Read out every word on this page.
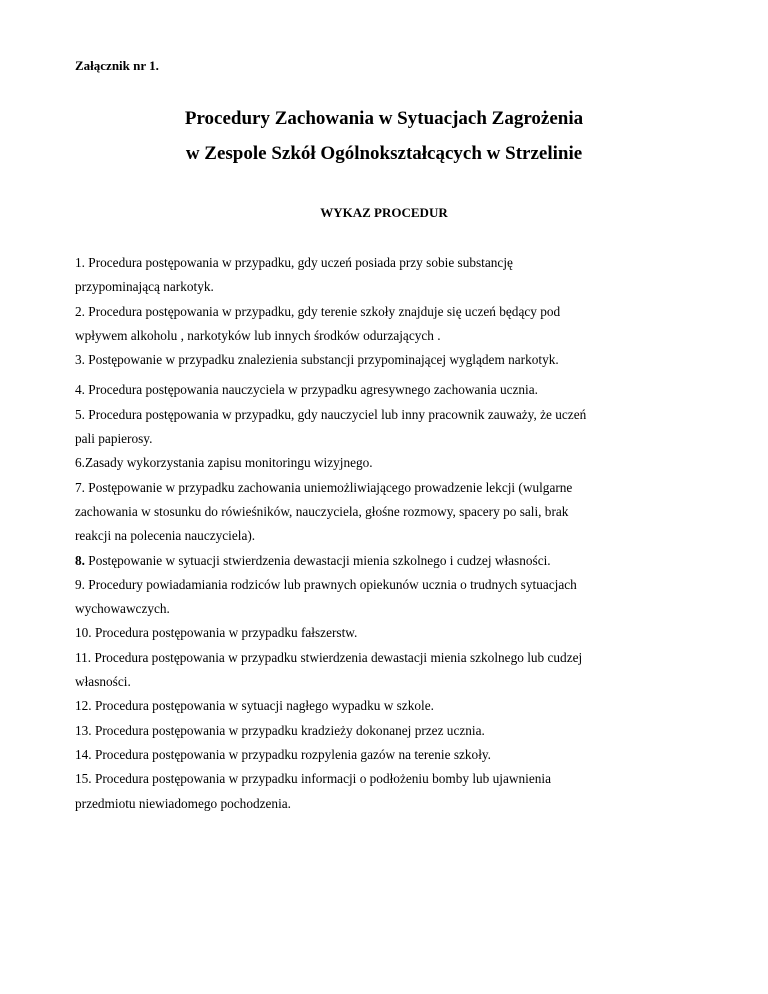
Załącznik nr 1.
Procedury Zachowania w Sytuacjach Zagrożenia
w Zespole Szkół Ogólnokształcących w Strzelinie
WYKAZ PROCEDUR
1. Procedura postępowania w przypadku, gdy uczeń posiada przy sobie substancję
przypominającą narkotyk.
2. Procedura postępowania w przypadku, gdy terenie szkoły znajduje się uczeń będący pod
wpływem alkoholu , narkotyków lub innych środków odurzających .
3. Postępowanie w przypadku znalezienia substancji przypominającej wyglądem narkotyk.
4. Procedura postępowania nauczyciela w przypadku agresywnego zachowania ucznia.
5. Procedura postępowania w przypadku, gdy nauczyciel lub inny pracownik zauważy, że uczeń
pali papierosy.
6.Zasady wykorzystania zapisu monitoringu wizyjnego.
7. Postępowanie w przypadku zachowania uniemożliwiającego prowadzenie lekcji (wulgarne
zachowania w stosunku do rówieśników, nauczyciela, głośne rozmowy, spacery po sali, brak
reakcji na polecenia nauczyciela).
8. Postępowanie w sytuacji stwierdzenia dewastacji mienia szkolnego i cudzej własności.
9. Procedury powiadamiania rodziców lub prawnych opiekunów ucznia o trudnych sytuacjach
wychowawczych.
10. Procedura postępowania w przypadku fałszerstw.
11. Procedura postępowania w przypadku stwierdzenia dewastacji mienia szkolnego lub cudzej
własności.
12. Procedura postępowania w sytuacji nagłego wypadku w szkole.
13. Procedura postępowania w przypadku kradzieży dokonanej przez ucznia.
14. Procedura postępowania w przypadku rozpylenia gazów na terenie szkoły.
15. Procedura postępowania w przypadku informacji o podłożeniu bomby lub ujawnienia
przedmiotu niewiadomego pochodzenia.
